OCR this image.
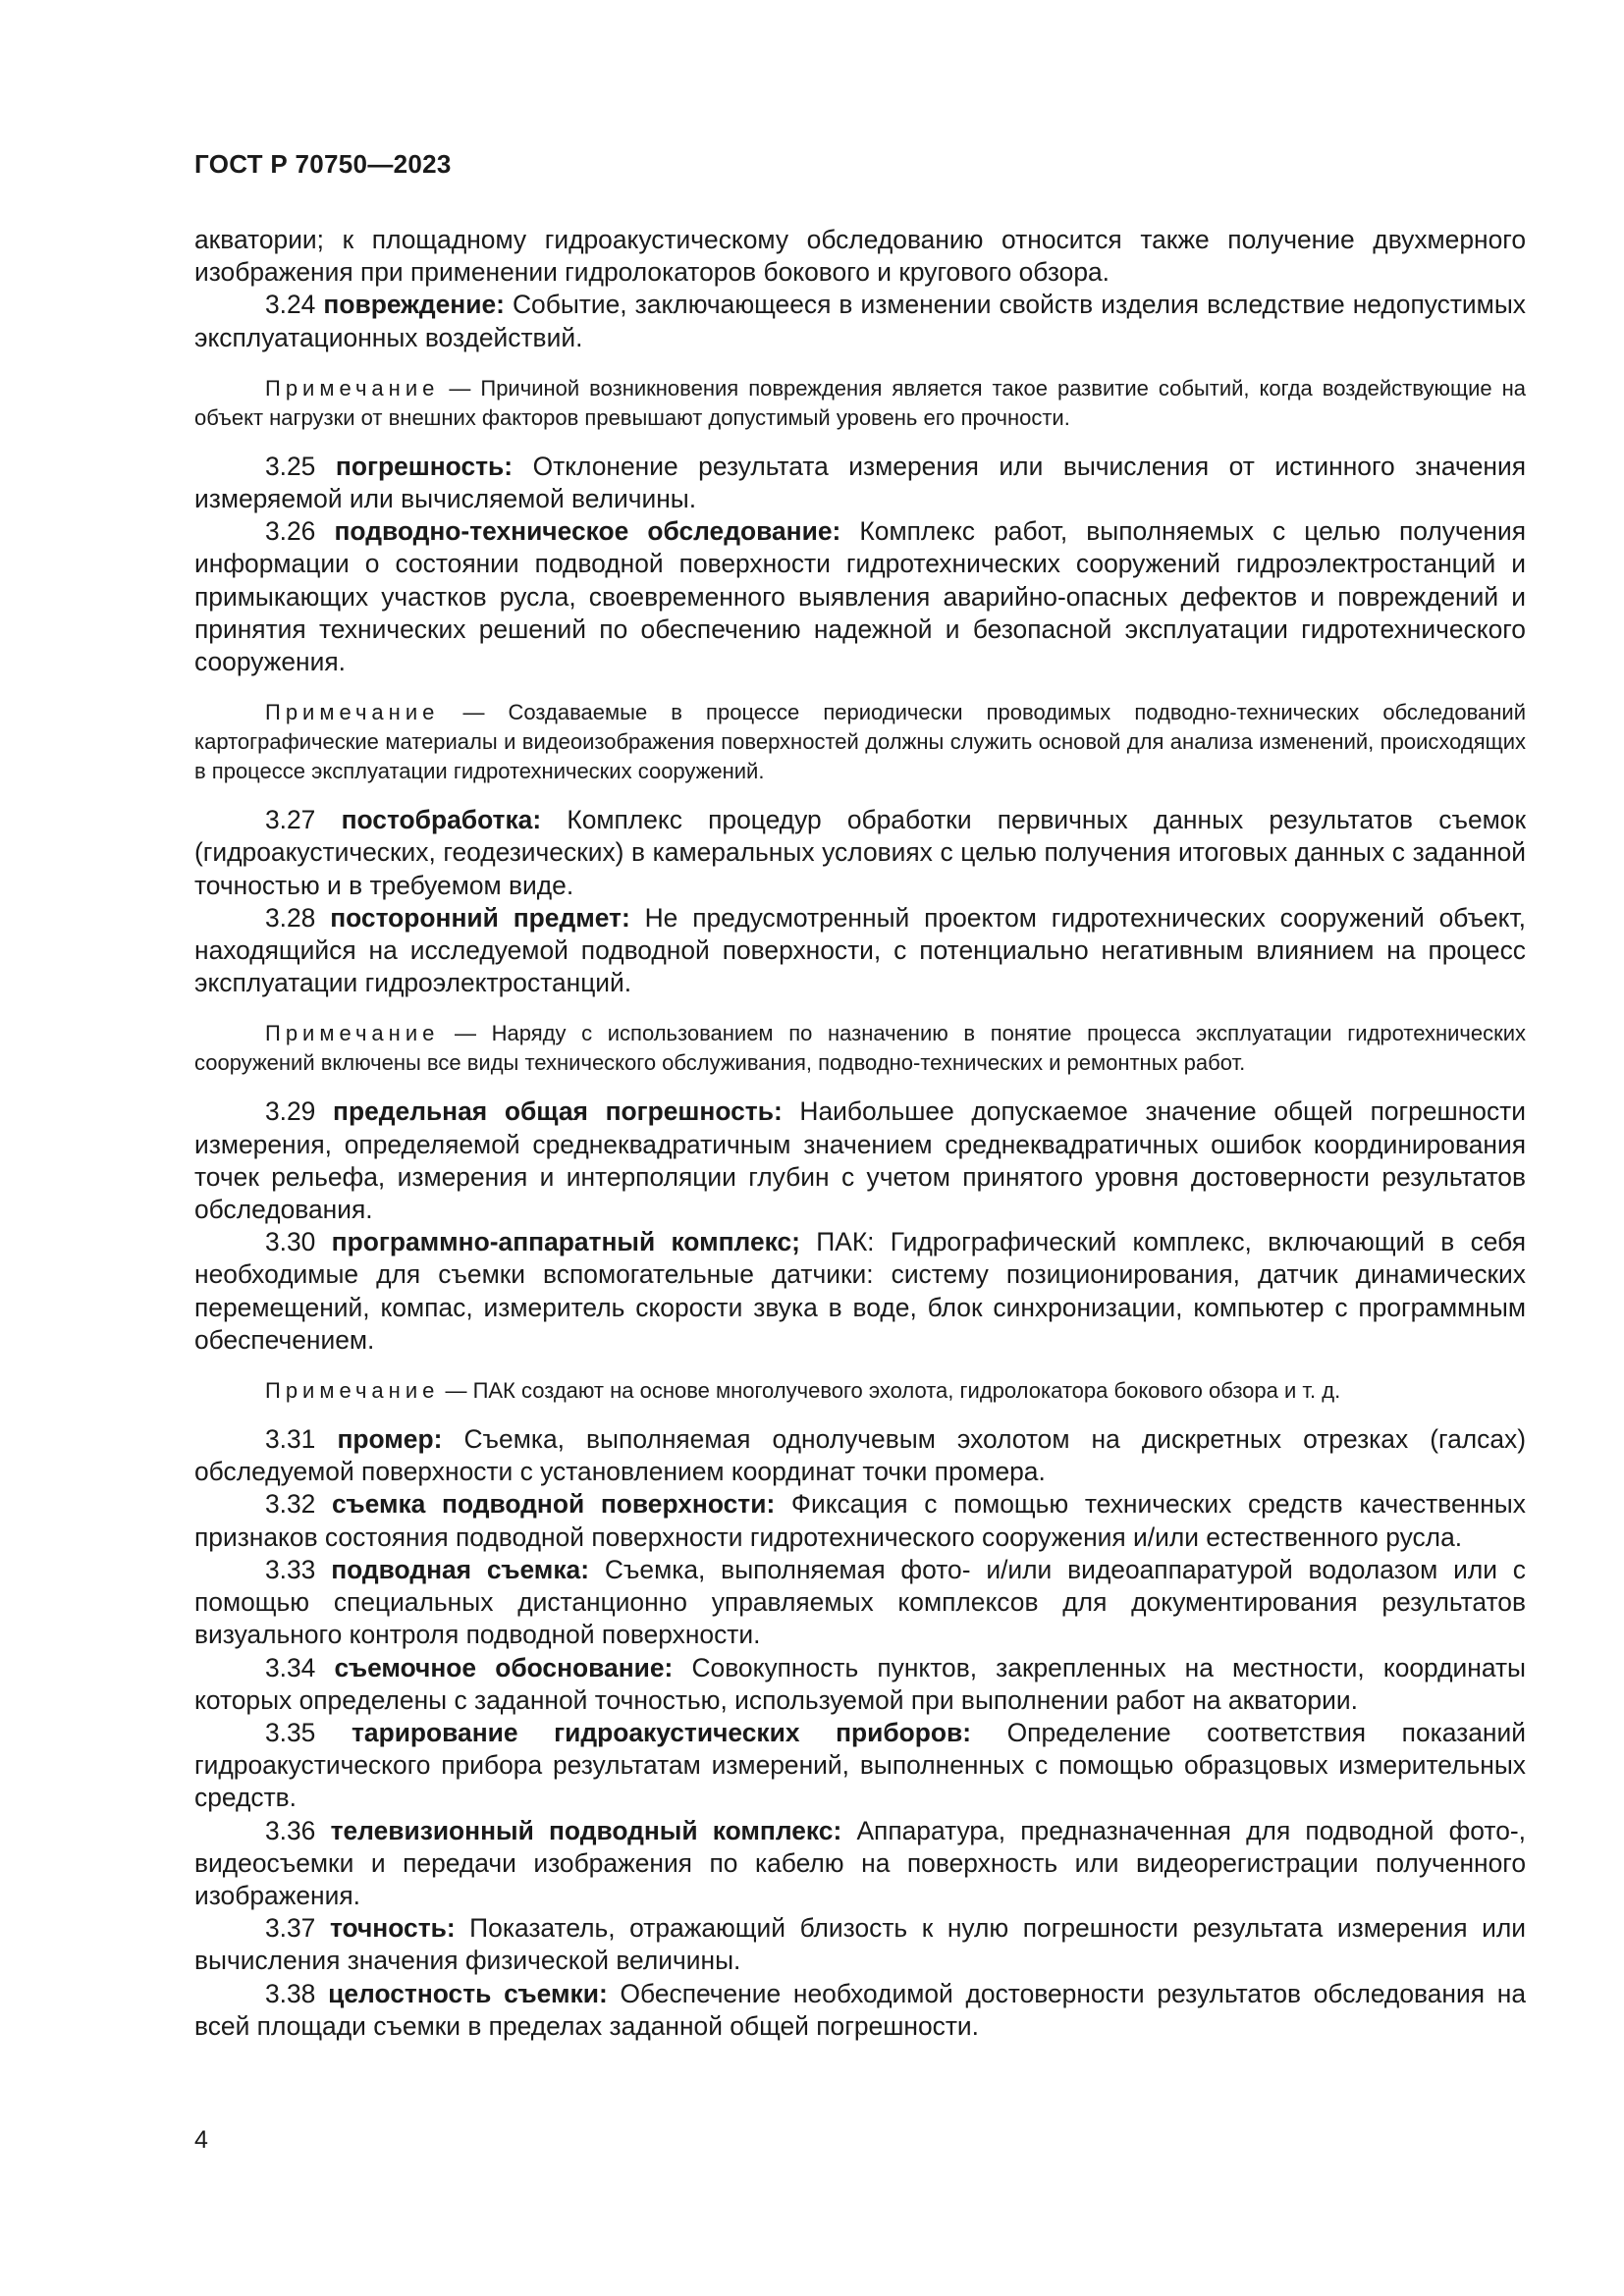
ГОСТ Р 70750—2023

акватории; к площадному гидроакустическому обследованию относится также получение двухмерного изображения при применении гидролокаторов бокового и кругового обзора.

3.24 повреждение: Событие, заключающееся в изменении свойств изделия вследствие недопустимых эксплуатационных воздействий.

Примечание — Причиной возникновения повреждения является такое развитие событий, когда воздействующие на объект нагрузки от внешних факторов превышают допустимый уровень его прочности.

3.25 погрешность: Отклонение результата измерения или вычисления от истинного значения измеряемой или вычисляемой величины.

3.26 подводно-техническое обследование: Комплекс работ, выполняемых с целью получения информации о состоянии подводной поверхности гидротехнических сооружений гидроэлектростанций и примыкающих участков русла, своевременного выявления аварийно-опасных дефектов и повреждений и принятия технических решений по обеспечению надежной и безопасной эксплуатации гидротехнического сооружения.

Примечание — Создаваемые в процессе периодически проводимых подводно-технических обследований картографические материалы и видеоизображения поверхностей должны служить основой для анализа изменений, происходящих в процессе эксплуатации гидротехнических сооружений.

3.27 постобработка: Комплекс процедур обработки первичных данных результатов съемок (гидроакустических, геодезических) в камеральных условиях с целью получения итоговых данных с заданной точностью и в требуемом виде.

3.28 посторонний предмет: Не предусмотренный проектом гидротехнических сооружений объект, находящийся на исследуемой подводной поверхности, с потенциально негативным влиянием на процесс эксплуатации гидроэлектростанций.

Примечание — Наряду с использованием по назначению в понятие процесса эксплуатации гидротехнических сооружений включены все виды технического обслуживания, подводно-технических и ремонтных работ.

3.29 предельная общая погрешность: Наибольшее допускаемое значение общей погрешности измерения, определяемой среднеквадратичным значением среднеквадратичных ошибок координирования точек рельефа, измерения и интерполяции глубин с учетом принятого уровня достоверности результатов обследования.

3.30 программно-аппаратный комплекс; ПАК: Гидрографический комплекс, включающий в себя необходимые для съемки вспомогательные датчики: систему позиционирования, датчик динамических перемещений, компас, измеритель скорости звука в воде, блок синхронизации, компьютер с программным обеспечением.

Примечание — ПАК создают на основе многолучевого эхолота, гидролокатора бокового обзора и т. д.

3.31 промер: Съемка, выполняемая однолучевым эхолотом на дискретных отрезках (галсах) обследуемой поверхности с установлением координат точки промера.

3.32 съемка подводной поверхности: Фиксация с помощью технических средств качественных признаков состояния подводной поверхности гидротехнического сооружения и/или естественного русла.

3.33 подводная съемка: Съемка, выполняемая фото- и/или видеоаппаратурой водолазом или с помощью специальных дистанционно управляемых комплексов для документирования результатов визуального контроля подводной поверхности.

3.34 съемочное обоснование: Совокупность пунктов, закрепленных на местности, координаты которых определены с заданной точностью, используемой при выполнении работ на акватории.

3.35 тарирование гидроакустических приборов: Определение соответствия показаний гидроакустического прибора результатам измерений, выполненных с помощью образцовых измерительных средств.

3.36 телевизионный подводный комплекс: Аппаратура, предназначенная для подводной фото-, видеосъемки и передачи изображения по кабелю на поверхность или видеорегистрации полученного изображения.

3.37 точность: Показатель, отражающий близость к нулю погрешности результата измерения или вычисления значения физической величины.

3.38 целостность съемки: Обеспечение необходимой достоверности результатов обследования на всей площади съемки в пределах заданной общей погрешности.

4
